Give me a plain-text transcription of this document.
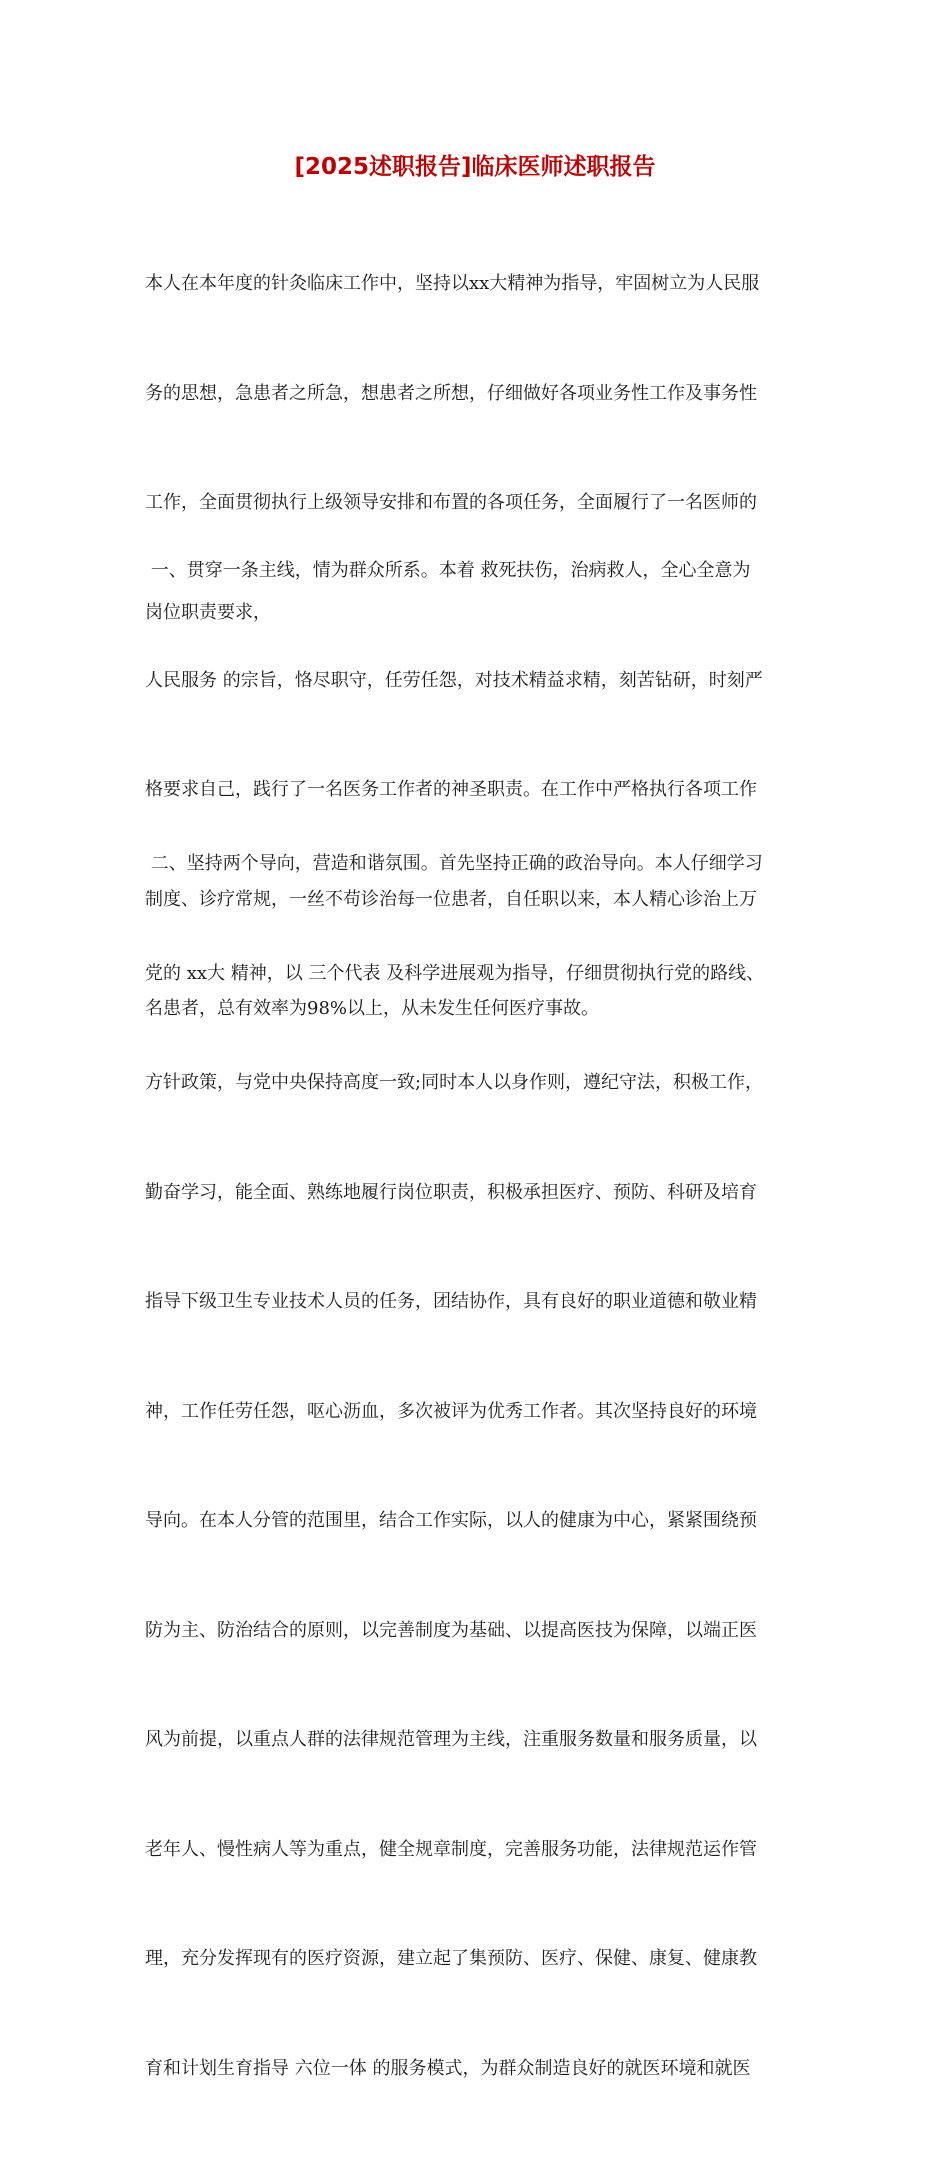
[2025述职报告]临床医师述职报告

本人在本年度的针灸临床工作中，坚持以xx大精神为指导，牢固树立为人民服

务的思想，急患者之所急，想患者之所想，仔细做好各项业务性工作及事务性

工作，全面贯彻执行上级领导安排和布置的各项任务，全面履行了一名医师的

岗位职责要求，

一、贯穿一条主线，情为群众所系。本着 救死扶伤，治病救人，全心全意为

人民服务 的宗旨，恪尽职守，任劳任怨，对技术精益求精，刻苦钻研，时刻严

格要求自己，践行了一名医务工作者的神圣职责。在工作中严格执行各项工作

制度、诊疗常规，一丝不苟诊治每一位患者，自任职以来，本人精心诊治上万

名患者，总有效率为98%以上，从未发生任何医疗事故。

二、坚持两个导向，营造和谐氛围。首先坚持正确的政治导向。本人仔细学习

党的 xx大 精神，以 三个代表 及科学进展观为指导，仔细贯彻执行党的路线、

方针政策，与党中央保持高度一致;同时本人以身作则，遵纪守法，积极工作，

勤奋学习，能全面、熟练地履行岗位职责，积极承担医疗、预防、科研及培育

指导下级卫生专业技术人员的任务，团结协作，具有良好的职业道德和敬业精

神，工作任劳任怨，呕心沥血，多次被评为优秀工作者。其次坚持良好的环境

导向。在本人分管的范围里，结合工作实际，以人的健康为中心，紧紧围绕预

防为主、防治结合的原则，以完善制度为基础、以提高医技为保障，以端正医

风为前提，以重点人群的法律规范管理为主线，注重服务数量和服务质量，以

老年人、慢性病人等为重点，健全规章制度，完善服务功能，法律规范运作管

理，充分发挥现有的医疗资源，建立起了集预防、医疗、保健、康复、健康教

育和计划生育指导 六位一体 的服务模式，为群众制造良好的就医环境和就医
